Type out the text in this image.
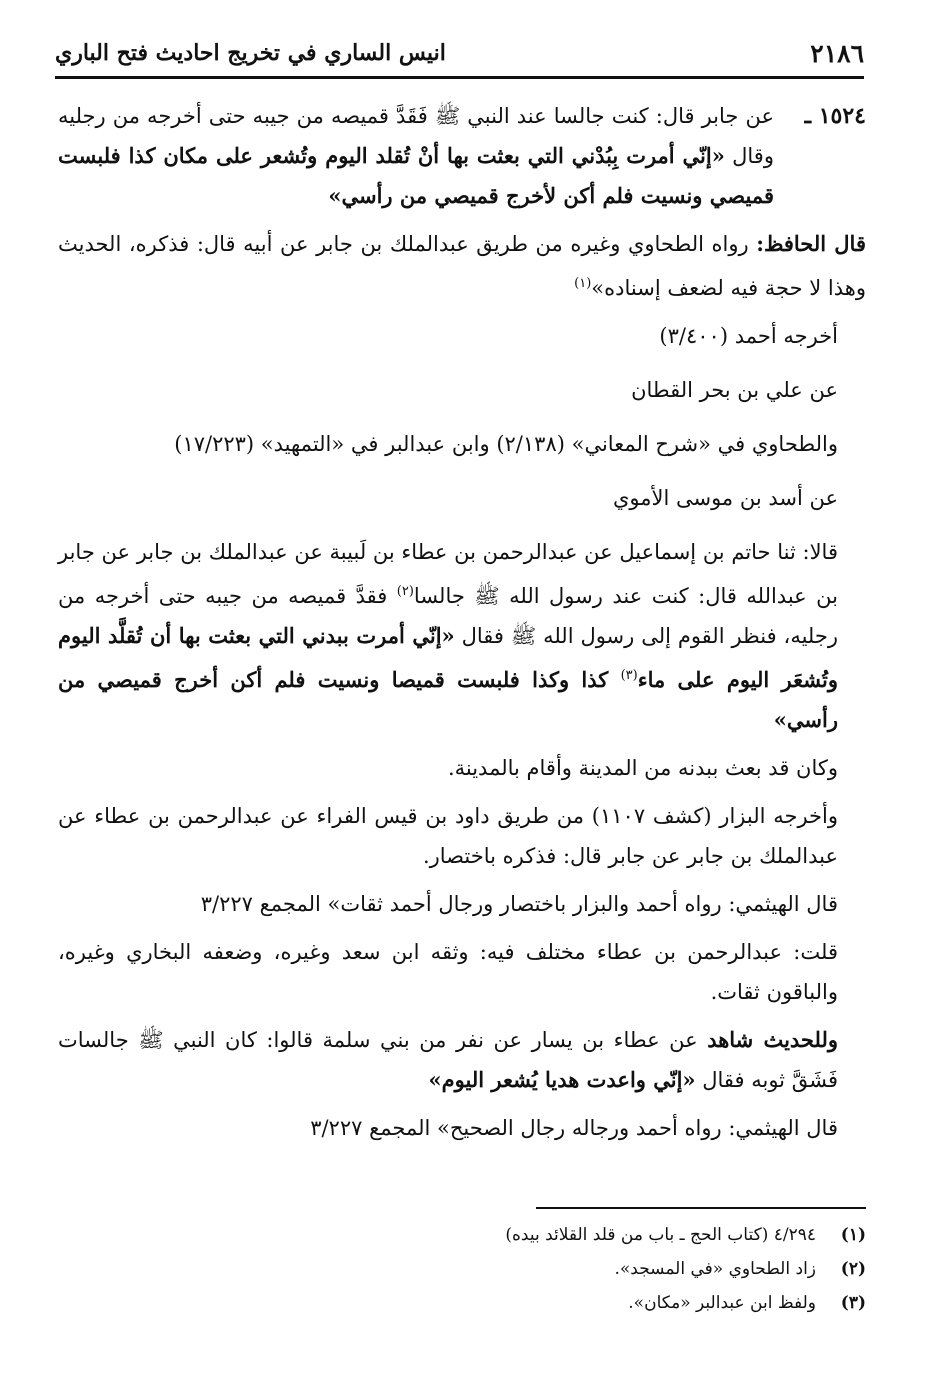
٢١٨٦
انيس الساري في تخريج احاديث فتح الباري

١٥٢٤ ـ
عن جابر قال: كنت جالسا عند النبي ﷺ فَقَدَّ قميصه من جيبه حتى أخرجه من رجليه وقال «إنّي أمرت بِبُدْني التي بعثت بها أنْ تُقلد اليوم وتُشعر على مكان كذا فلبست قميصي ونسيت فلم أكن لأخرج قميصي من رأسي»

قال الحافظ: رواه الطحاوي وغيره من طريق عبدالملك بن جابر عن أبيه قال: فذكره، الحديث وهذا لا حجة فيه لضعف إسناده»$^{(١)}$

أخرجه أحمد (٣/٤٠٠)

عن علي بن بحر القطان

والطحاوي في «شرح المعاني» (٢/١٣٨) وابن عبدالبر في «التمهيد» (١٧/٢٢٣)

عن أسد بن موسى الأموي

قالا: ثنا حاتم بن إسماعيل عن عبدالرحمن بن عطاء بن لَبيبة عن عبدالملك بن جابر عن جابر بن عبدالله قال: كنت عند رسول الله ﷺ جالسا$^{(٢)}$ فقدَّ قميصه من جيبه حتى أخرجه من رجليه، فنظر القوم إلى رسول الله ﷺ فقال «إنّي أمرت ببدني التي بعثت بها أن تُقلَّد اليوم وتُشعَر اليوم على ماء$^{(٣)}$ كذا وكذا فلبست قميصا ونسيت فلم أكن أخرج قميصي من رأسي»

وكان قد بعث ببدنه من المدينة وأقام بالمدينة.

وأخرجه البزار (كشف ١١٠٧) من طريق داود بن قيس الفراء عن عبدالرحمن بن عطاء عن عبدالملك بن جابر عن جابر قال: فذكره باختصار.

قال الهيثمي: رواه أحمد والبزار باختصار ورجال أحمد ثقات» المجمع ٣/٢٢٧

قلت: عبدالرحمن بن عطاء مختلف فيه: وثقه ابن سعد وغيره، وضعفه البخاري وغيره، والباقون ثقات.

وللحديث شاهد عن عطاء بن يسار عن نفر من بني سلمة قالوا: كان النبي ﷺ جالسات فَشَقَّ ثوبه فقال «إنّي واعدت هديا يُشعر اليوم»

قال الهيثمي: رواه أحمد ورجاله رجال الصحيح» المجمع ٣/٢٢٧

(١)
٤/٢٩٤ (كتاب الحج ـ باب من قلد القلائد بيده)
(٢)
زاد الطحاوي «في المسجد».
(٣)
ولفظ ابن عبدالبر «مكان».
